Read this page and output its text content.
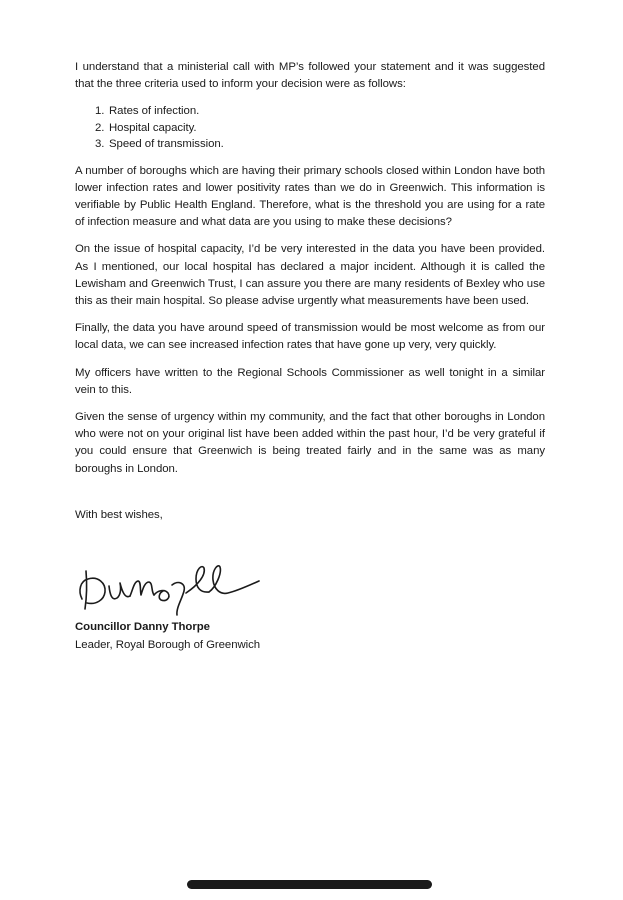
I understand that a ministerial call with MP’s followed your statement and it was suggested that the three criteria used to inform your decision were as follows:

1. Rates of infection.
2. Hospital capacity.
3. Speed of transmission.

A number of boroughs which are having their primary schools closed within London have both lower infection rates and lower positivity rates than we do in Greenwich. This information is verifiable by Public Health England. Therefore, what is the threshold you are using for a rate of infection measure and what data are you using to make these decisions?

On the issue of hospital capacity, I’d be very interested in the data you have been provided. As I mentioned, our local hospital has declared a major incident. Although it is called the Lewisham and Greenwich Trust, I can assure you there are many residents of Bexley who use this as their main hospital. So please advise urgently what measurements have been used.

Finally, the data you have around speed of transmission would be most welcome as from our local data, we can see increased infection rates that have gone up very, very quickly.

My officers have written to the Regional Schools Commissioner as well tonight in a similar vein to this.

Given the sense of urgency within my community, and the fact that other boroughs in London who were not on your original list have been added within the past hour, I’d be very grateful if you could ensure that Greenwich is being treated fairly and in the same was as many boroughs in London.

With best wishes,

Councillor Danny Thorpe
Leader, Royal Borough of Greenwich
